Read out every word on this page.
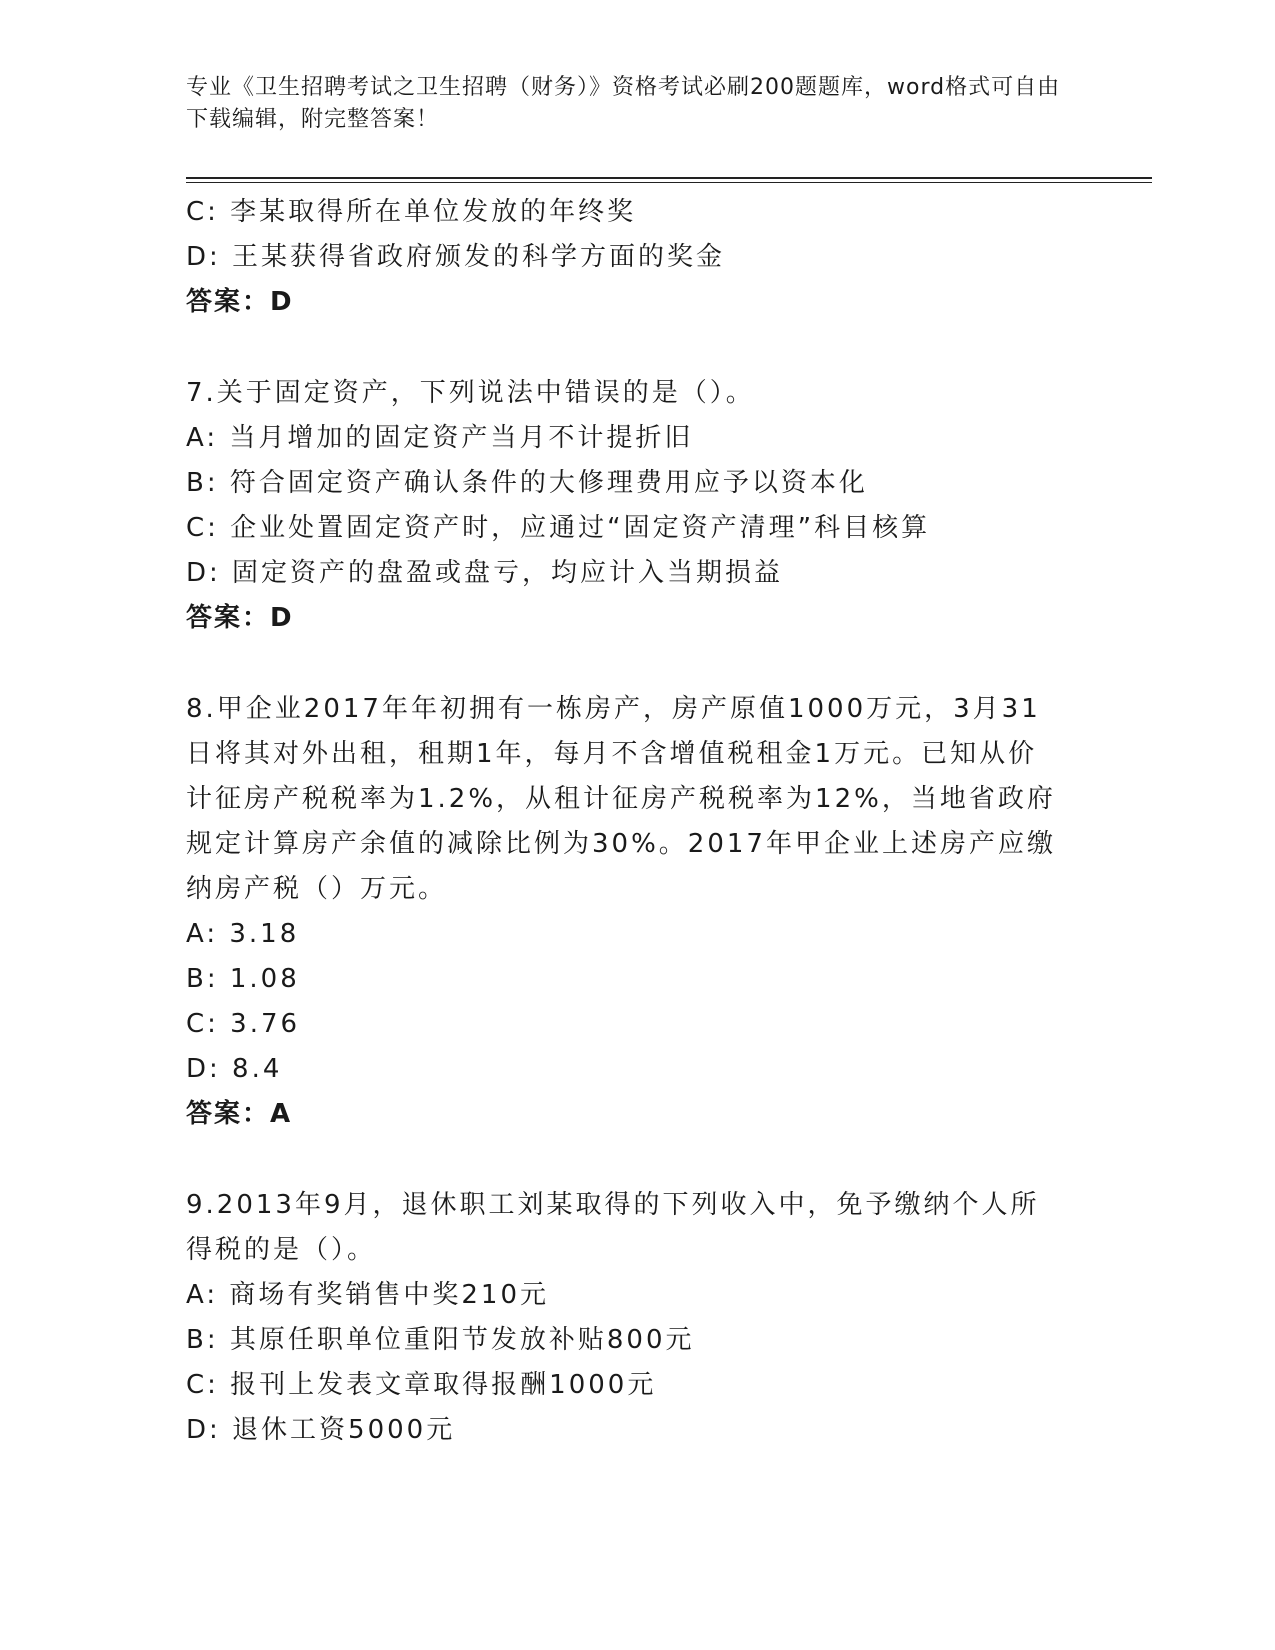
专业《卫生招聘考试之卫生招聘（财务）》资格考试必刷200题题库，word格式可自由下载编辑，附完整答案！
C: 李某取得所在单位发放的年终奖
D: 王某获得省政府颁发的科学方面的奖金
答案：D
7.关于固定资产，下列说法中错误的是（）。
A: 当月增加的固定资产当月不计提折旧
B: 符合固定资产确认条件的大修理费用应予以资本化
C: 企业处置固定资产时，应通过“固定资产清理”科目核算
D: 固定资产的盘盈或盘亏，均应计入当期损益
答案：D
8.甲企业2017年年初拥有一栋房产，房产原值1000万元，3月31日将其对外出租，租期1年，每月不含增值税租金1万元。已知从价计征房产税税率为1.2%，从租计征房产税税率为12%，当地省政府规定计算房产余值的减除比例为30%。2017年甲企业上述房产应缴纳房产税（）万元。
A: 3.18
B: 1.08
C: 3.76
D: 8.4
答案：A
9.2013年9月，退休职工刘某取得的下列收入中，免予缴纳个人所得税的是（）。
A: 商场有奖销售中奖210元
B: 其原任职单位重阳节发放补贴800元
C: 报刊上发表文章取得报酬1000元
D: 退休工资5000元
